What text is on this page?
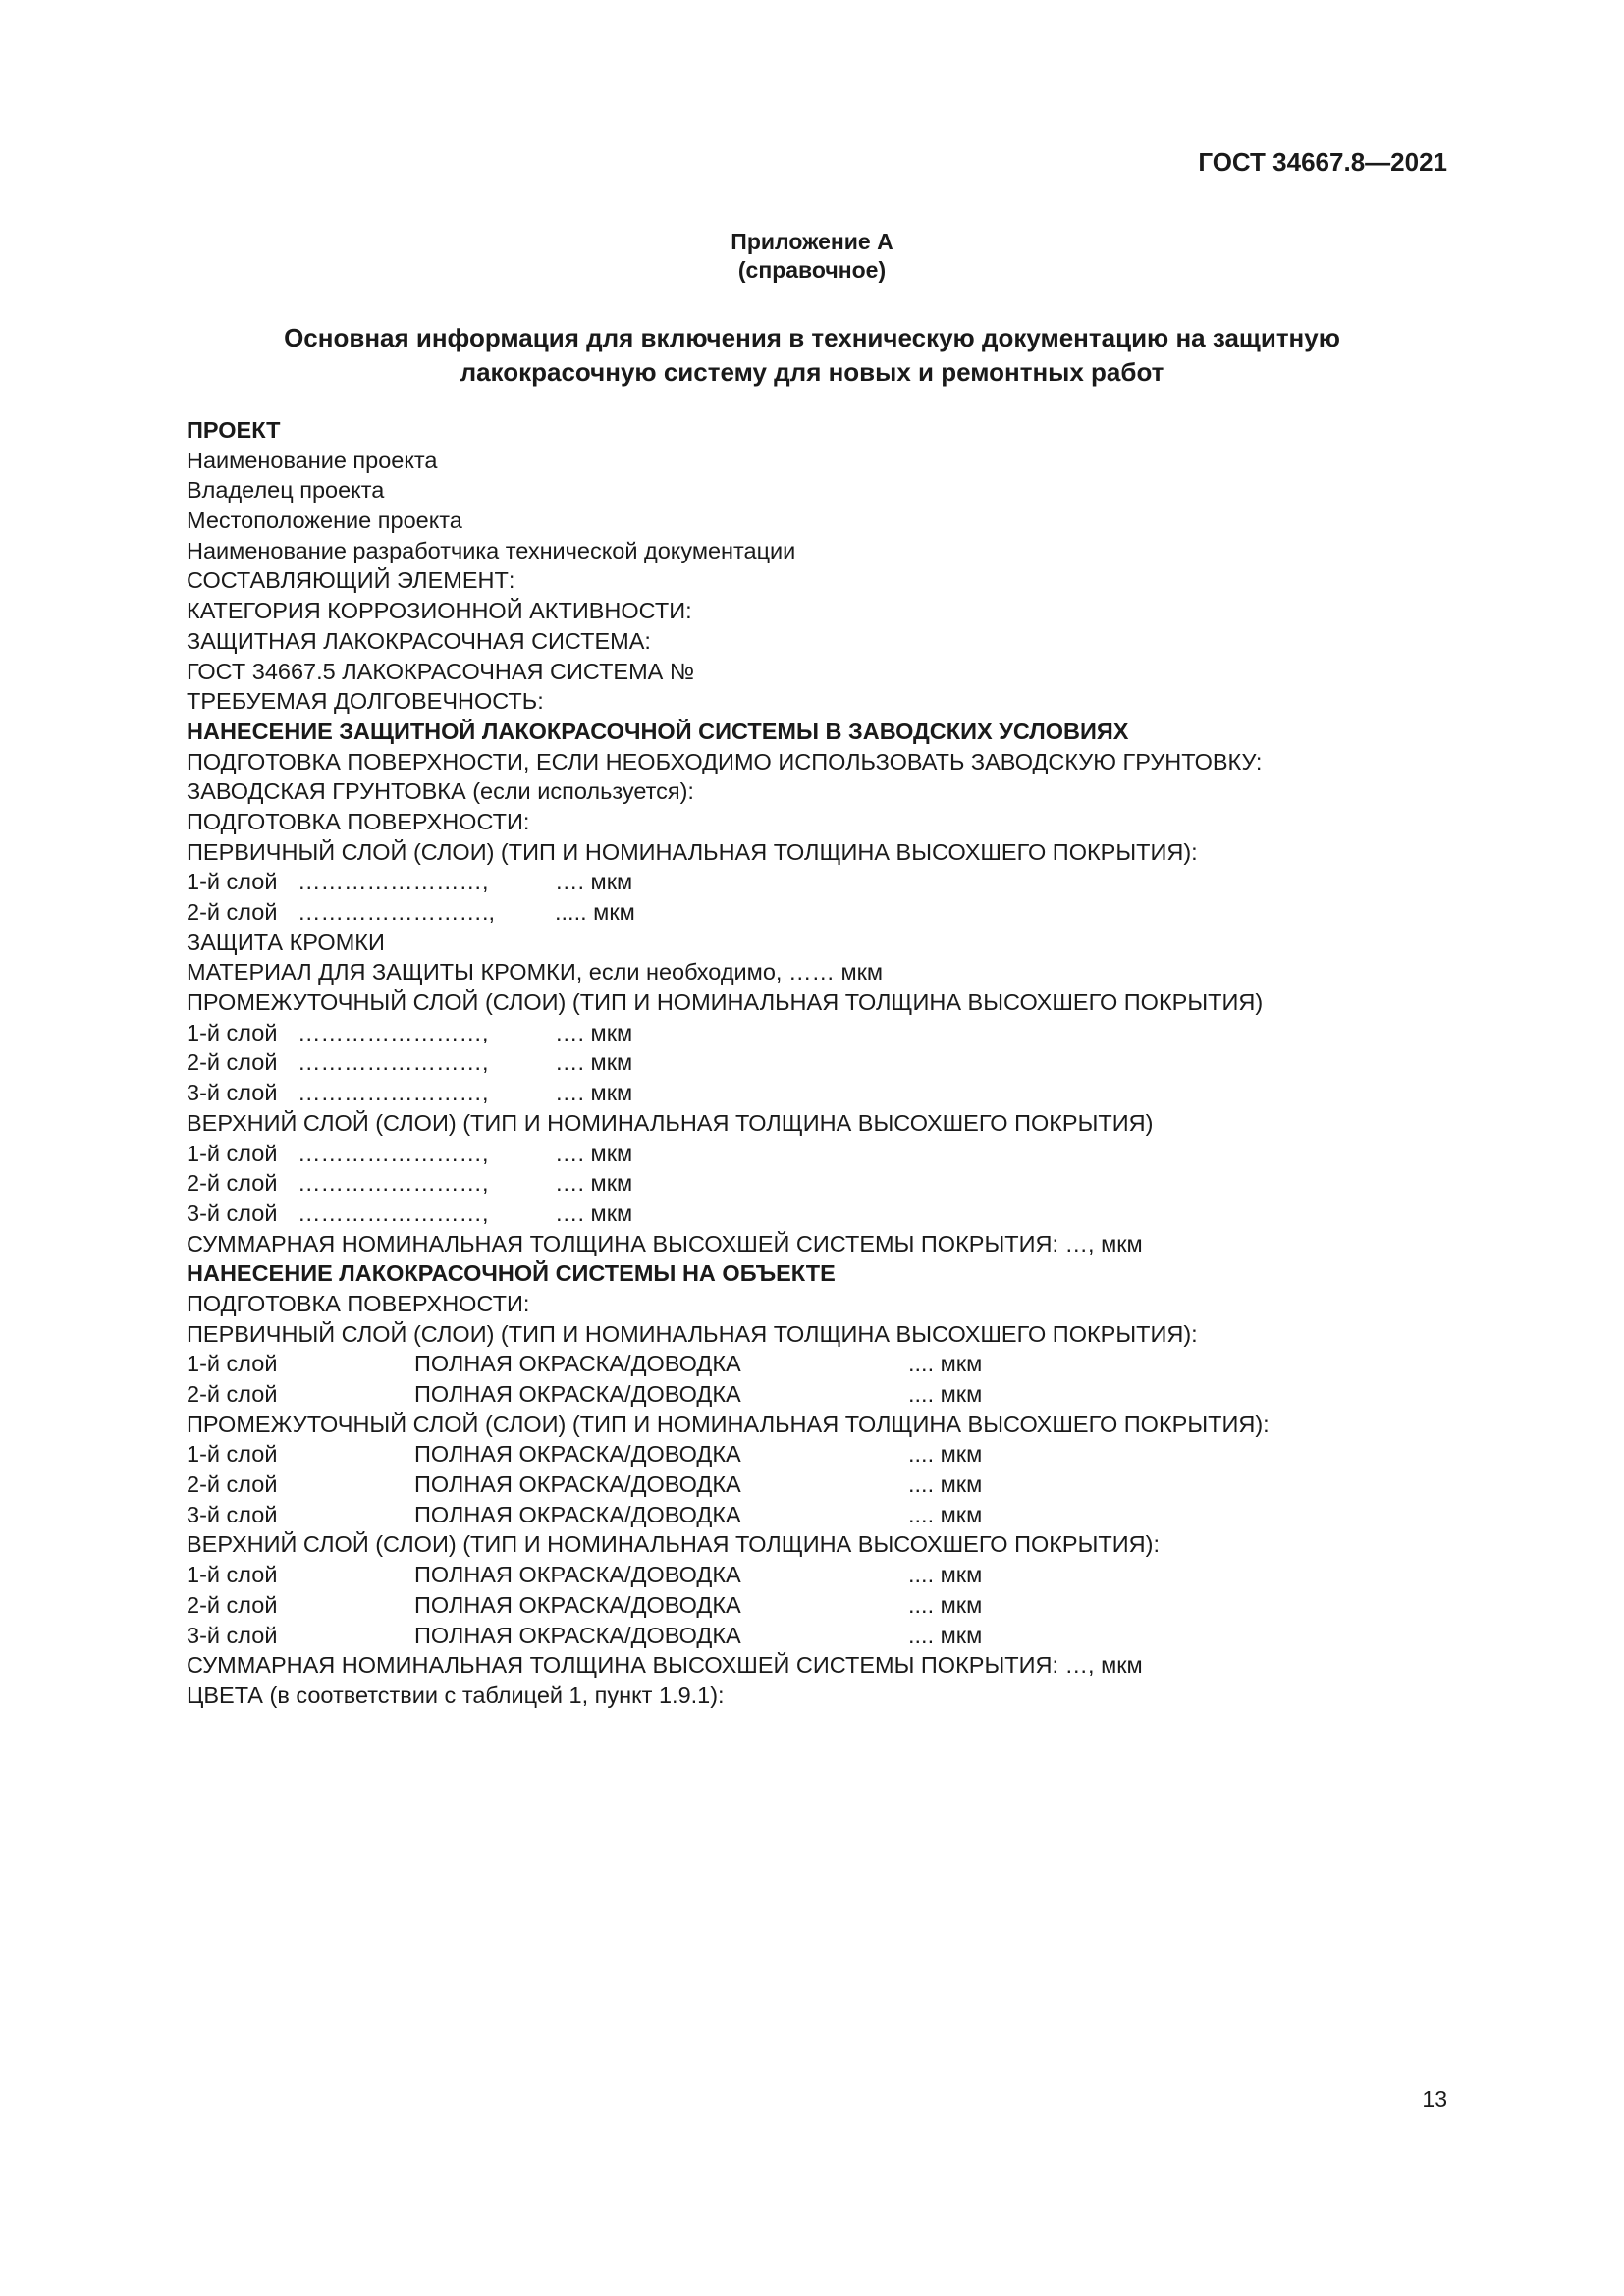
ГОСТ 34667.8—2021
Приложение А
(справочное)
Основная информация для включения в техническую документацию на защитную
лакокрасочную систему для новых и ремонтных работ
ПРОЕКТ
Наименование проекта
Владелец проекта
Местоположение проекта
Наименование разработчика технической документации
СОСТАВЛЯЮЩИЙ ЭЛЕМЕНТ:
КАТЕГОРИЯ КОРРОЗИОННОЙ АКТИВНОСТИ:
ЗАЩИТНАЯ ЛАКОКРАСОЧНАЯ СИСТЕМА:
ГОСТ 34667.5 ЛАКОКРАСОЧНАЯ СИСТЕМА №
ТРЕБУЕМАЯ ДОЛГОВЕЧНОСТЬ:
НАНЕСЕНИЕ ЗАЩИТНОЙ ЛАКОКРАСОЧНОЙ СИСТЕМЫ В ЗАВОДСКИХ УСЛОВИЯХ
ПОДГОТОВКА ПОВЕРХНОСТИ, ЕСЛИ НЕОБХОДИМО ИСПОЛЬЗОВАТЬ ЗАВОДСКУЮ ГРУНТОВКУ:
ЗАВОДСКАЯ ГРУНТОВКА (если используется):
ПОДГОТОВКА ПОВЕРХНОСТИ:
ПЕРВИЧНЫЙ СЛОЙ (СЛОИ) (ТИП И НОМИНАЛЬНАЯ ТОЛЩИНА ВЫСОХШЕГО ПОКРЫТИЯ):
1-й слой ……………………,	…. мкм
2-й слой …………………….,	..... мкм
ЗАЩИТА КРОМКИ
МАТЕРИАЛ ДЛЯ ЗАЩИТЫ КРОМКИ, если необходимо, …… мкм
ПРОМЕЖУТОЧНЫЙ СЛОЙ (СЛОИ) (ТИП И НОМИНАЛЬНАЯ ТОЛЩИНА ВЫСОХШЕГО ПОКРЫТИЯ)
1-й слой ……………………,	…. мкм
2-й слой ……………………,	…. мкм
3-й слой ……………………,	…. мкм
ВЕРХНИЙ СЛОЙ (СЛОИ) (ТИП И НОМИНАЛЬНАЯ ТОЛЩИНА ВЫСОХШЕГО ПОКРЫТИЯ)
1-й слой ……………………,	…. мкм
2-й слой ……………………,	…. мкм
3-й слой ……………………,	…. мкм
СУММАРНАЯ НОМИНАЛЬНАЯ ТОЛЩИНА ВЫСОХШЕЙ СИСТЕМЫ ПОКРЫТИЯ: …, мкм
НАНЕСЕНИЕ ЛАКОКРАСОЧНОЙ СИСТЕМЫ НА ОБЪЕКТЕ
ПОДГОТОВКА ПОВЕРХНОСТИ:
ПЕРВИЧНЫЙ СЛОЙ (СЛОИ) (ТИП И НОМИНАЛЬНАЯ ТОЛЩИНА ВЫСОХШЕГО ПОКРЫТИЯ):
1-й слой	ПОЛНАЯ ОКРАСКА/ДОВОДКА	.... мкм
2-й слой	ПОЛНАЯ ОКРАСКА/ДОВОДКА	.... мкм
ПРОМЕЖУТОЧНЫЙ СЛОЙ (СЛОИ) (ТИП И НОМИНАЛЬНАЯ ТОЛЩИНА ВЫСОХШЕГО ПОКРЫТИЯ):
1-й слой	ПОЛНАЯ ОКРАСКА/ДОВОДКА	.... мкм
2-й слой	ПОЛНАЯ ОКРАСКА/ДОВОДКА	.... мкм
3-й слой	ПОЛНАЯ ОКРАСКА/ДОВОДКА	.... мкм
ВЕРХНИЙ СЛОЙ (СЛОИ) (ТИП И НОМИНАЛЬНАЯ ТОЛЩИНА ВЫСОХШЕГО ПОКРЫТИЯ):
1-й слой	ПОЛНАЯ ОКРАСКА/ДОВОДКА	.... мкм
2-й слой	ПОЛНАЯ ОКРАСКА/ДОВОДКА	.... мкм
3-й слой	ПОЛНАЯ ОКРАСКА/ДОВОДКА	.... мкм
СУММАРНАЯ НОМИНАЛЬНАЯ ТОЛЩИНА ВЫСОХШЕЙ СИСТЕМЫ ПОКРЫТИЯ: …, мкм
ЦВЕТА (в соответствии с таблицей 1, пункт 1.9.1):
13
